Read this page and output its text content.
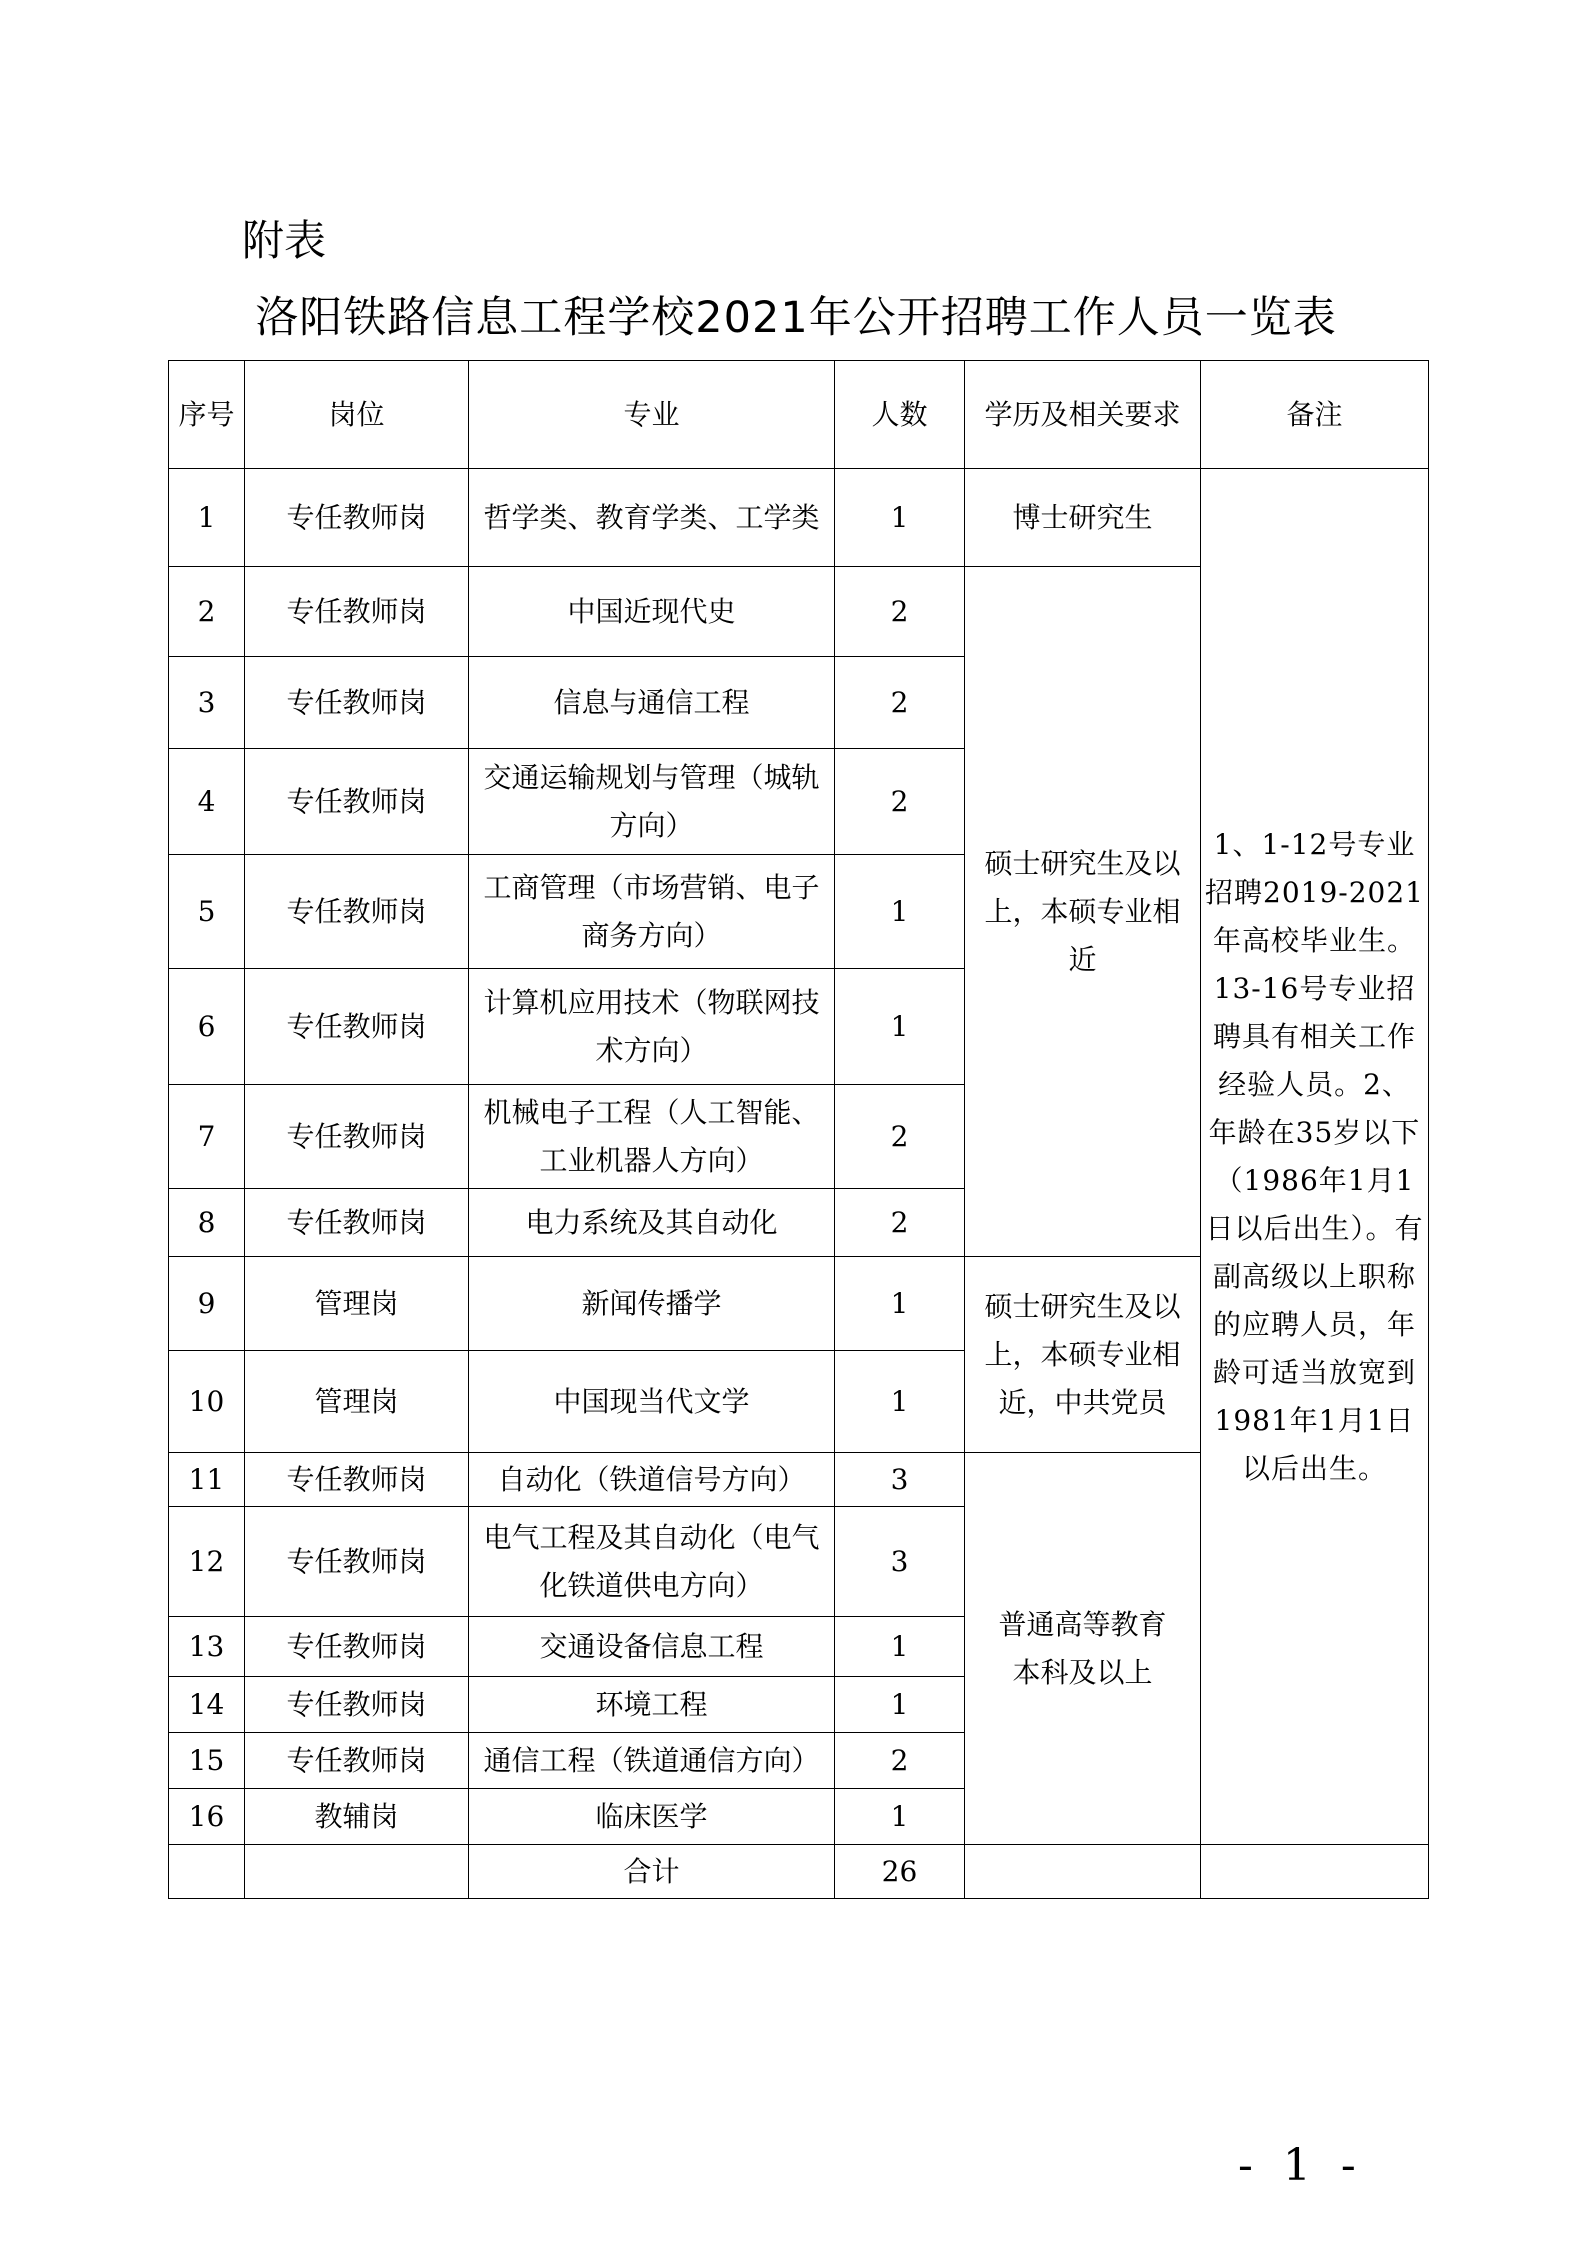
附表
洛阳铁路信息工程学校2021年公开招聘工作人员一览表
序号	岗位	专业	人数	学历及相关要求	备注
1	专任教师岗	哲学类、教育学类、工学类	1	博士研究生	1、1-12号专业招聘2019-2021年高校毕业生。13-16号专业招聘具有相关工作经验人员。2、年龄在35岁以下（1986年1月1日以后出生）。有副高级以上职称的应聘人员，年龄可适当放宽到1981年1月1日以后出生。
2	专任教师岗	中国近现代史	2	硕士研究生及以上，本硕专业相近	
3	专任教师岗	信息与通信工程	2		
4	专任教师岗	交通运输规划与管理（城轨方向）	2		
5	专任教师岗	工商管理（市场营销、电子商务方向）	1		
6	专任教师岗	计算机应用技术（物联网技术方向）	1		
7	专任教师岗	机械电子工程（人工智能、工业机器人方向）	2		
8	专任教师岗	电力系统及其自动化	2		
9	管理岗	新闻传播学	1	硕士研究生及以上，本硕专业相近，中共党员	
10	管理岗	中国现当代文学	1		
11	专任教师岗	自动化（铁道信号方向）	3	普通高等教育本科及以上	
12	专任教师岗	电气工程及其自动化（电气化铁道供电方向）	3		
13	专任教师岗	交通设备信息工程	1		
14	专任教师岗	环境工程	1		
15	专任教师岗	通信工程（铁道通信方向）	2		
16	教辅岗	临床医学	1		
		合计	26		
- 1 -
